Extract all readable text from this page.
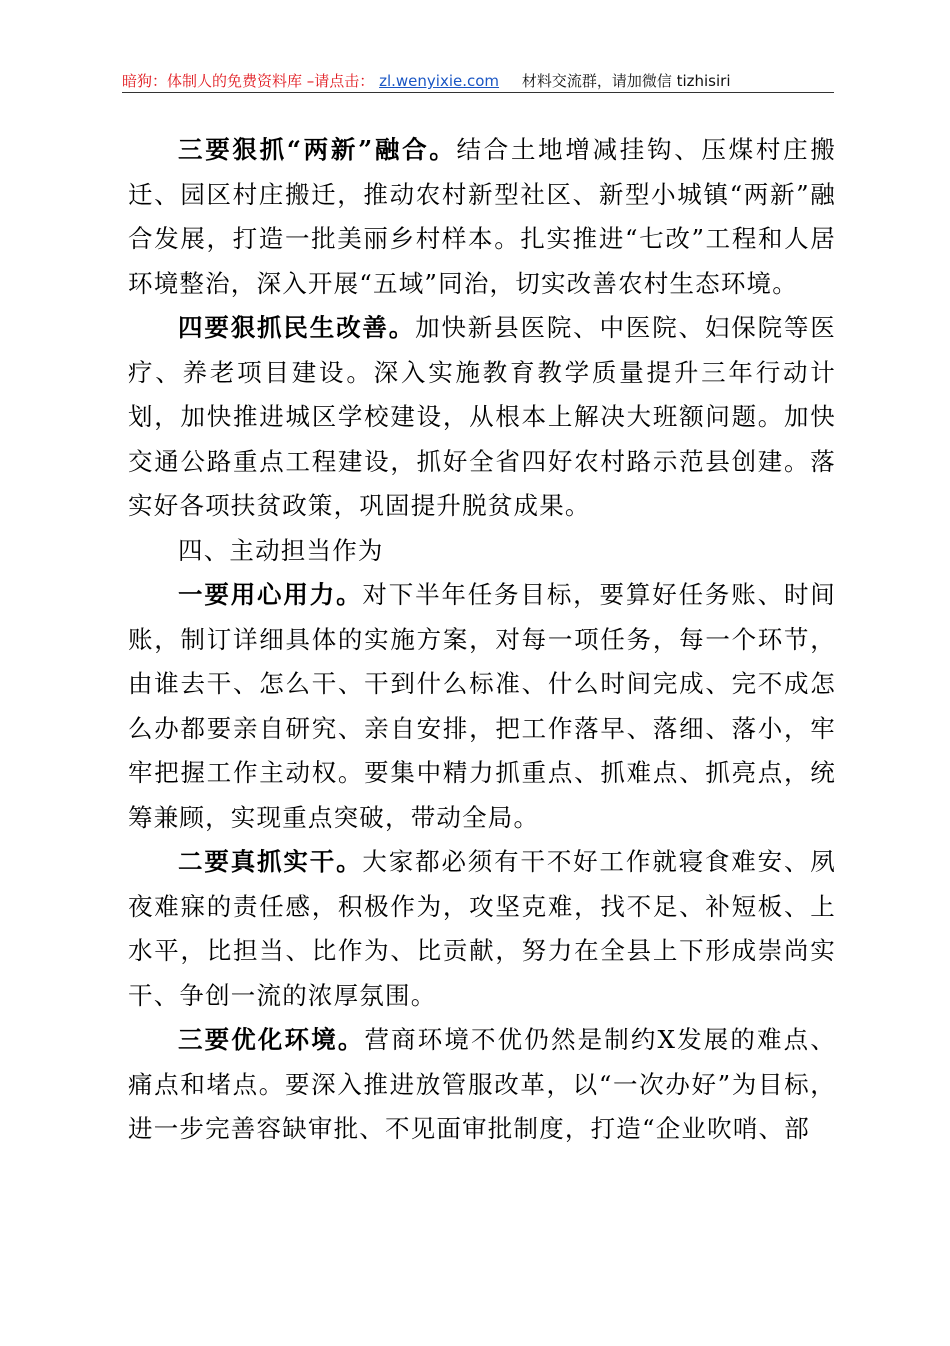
暗狗：体制人的免费资料库 –请点击： zl.wenyixie.com 材料交流群，请加微信 tizhisiri

三要狠抓“两新”融合。结合土地增减挂钩、压煤村庄搬迁、园区村庄搬迁，推动农村新型社区、新型小城镇“两新”融合发展，打造一批美丽乡村样本。扎实推进“七改”工程和人居环境整治，深入开展“五域”同治，切实改善农村生态环境。

四要狠抓民生改善。加快新县医院、中医院、妇保院等医疗、养老项目建设。深入实施教育教学质量提升三年行动计划，加快推进城区学校建设，从根本上解决大班额问题。加快交通公路重点工程建设，抓好全省四好农村路示范县创建。落实好各项扶贫政策，巩固提升脱贫成果。

四、主动担当作为

一要用心用力。对下半年任务目标，要算好任务账、时间账，制订详细具体的实施方案，对每一项任务，每一个环节，由谁去干、怎么干、干到什么标准、什么时间完成、完不成怎么办都要亲自研究、亲自安排，把工作落早、落细、落小，牢牢把握工作主动权。要集中精力抓重点、抓难点、抓亮点，统筹兼顾，实现重点突破，带动全局。

二要真抓实干。大家都必须有干不好工作就寝食难安、夙夜难寐的责任感，积极作为，攻坚克难，找不足、补短板、上水平，比担当、比作为、比贡献，努力在全县上下形成崇尚实干、争创一流的浓厚氛围。

三要优化环境。营商环境不优仍然是制约X发展的难点、痛点和堵点。要深入推进放管服改革，以“一次办好”为目标，进一步完善容缺审批、不见面审批制度，打造“企业吹哨、部
